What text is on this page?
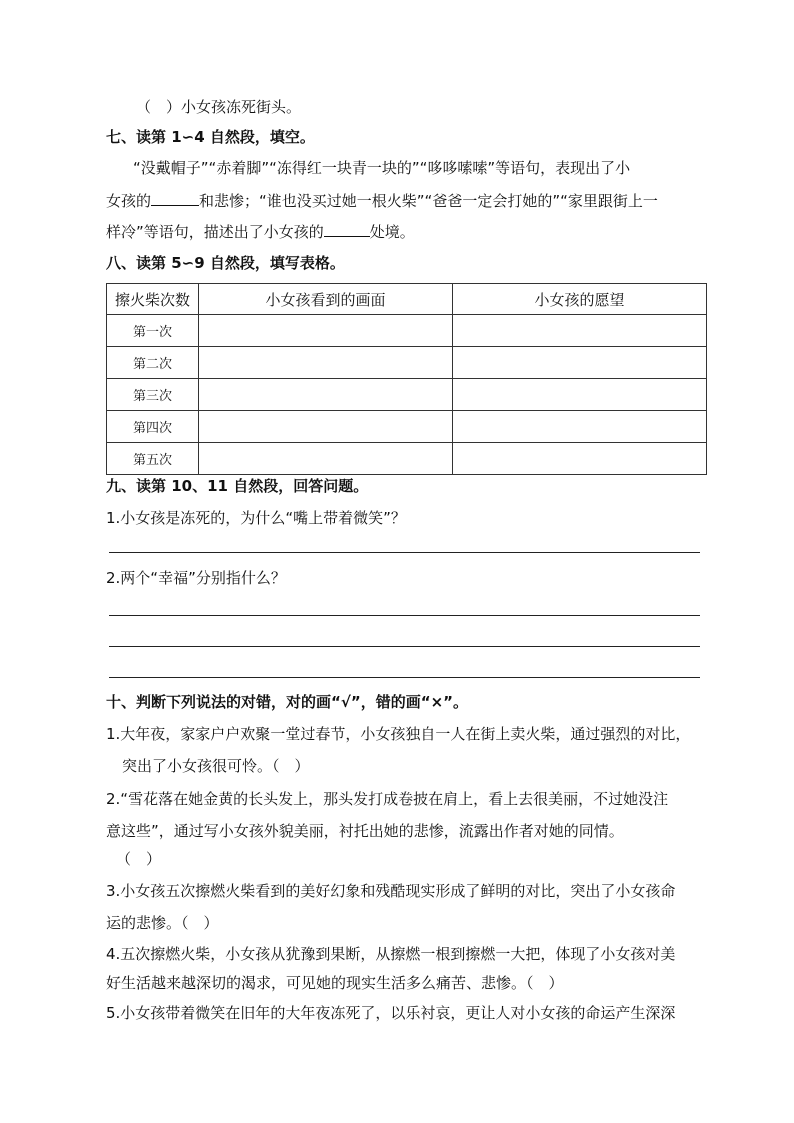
（　）小女孩冻死街头。
七、读第 1∽4 自然段，填空。
“没戴帽子”“赤着脚”“冻得红一块青一块的”“哆哆嗦嗦”等语句，表现出了小
女孩的	和悲惨；“谁也没买过她一根火柴”“爸爸一定会打她的”“家里跟街上一
样冷”等语句，描述出了小女孩的	处境。
八、读第 5∽9 自然段，填写表格。
擦火柴次数	小女孩看到的画面	小女孩的愿望
第一次		
第二次		
第三次		
第四次		
第五次		
九、读第 10、11 自然段，回答问题。
1.小女孩是冻死的，为什么“嘴上带着微笑”？
2.两个“幸福”分别指什么？
十、判断下列说法的对错，对的画“√”，错的画“×”。
1.大年夜，家家户户欢聚一堂过春节，小女孩独自一人在街上卖火柴，通过强烈的对比，
突出了小女孩很可怜。（　）
2.“雪花落在她金黄的长头发上，那头发打成卷披在肩上，看上去很美丽，不过她没注
意这些”，通过写小女孩外貌美丽，衬托出她的悲惨，流露出作者对她的同情。
（　）
3.小女孩五次擦燃火柴看到的美好幻象和残酷现实形成了鲜明的对比，突出了小女孩命
运的悲惨。（　）
4.五次擦燃火柴，小女孩从犹豫到果断，从擦燃一根到擦燃一大把，体现了小女孩对美
好生活越来越深切的渴求，可见她的现实生活多么痛苦、悲惨。（　）
5.小女孩带着微笑在旧年的大年夜冻死了，以乐衬哀，更让人对小女孩的命运产生深深
